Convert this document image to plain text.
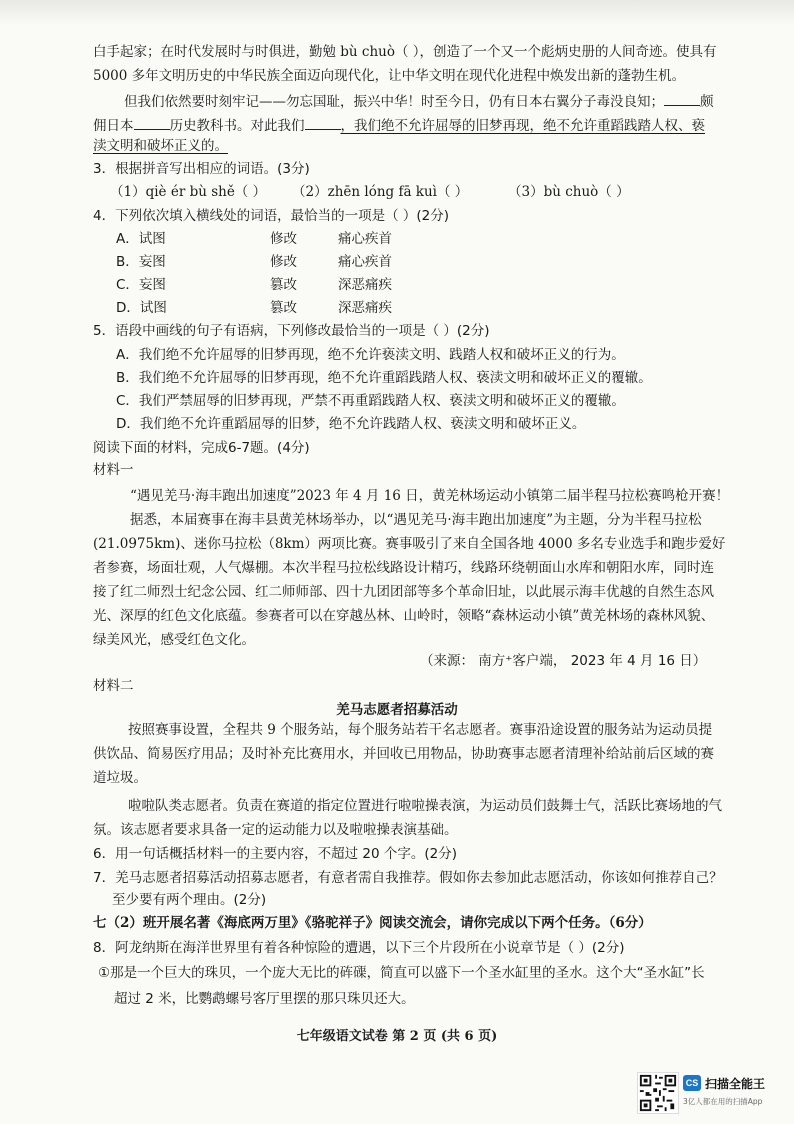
白手起家；在时代发展时与时俱进，勤勉 bù chuò（ ），创造了一个又一个彪炳史册的人间奇迹。使具有
5000 多年文明历史的中华民族全面迈向现代化，让中华文明在现代化进程中焕发出新的蓬勃生机。
但我们依然要时刻牢记——勿忘国耻，振兴中华！时至今日，仍有日本右翼分子毒没良知；	颇
佣日本	历史教科书。对此我们	，我们绝不允许屈辱的旧梦再现，绝不允许重蹈践踏人权、亵
渎文明和破坏正义的。
3．根据拼音写出相应的词语。(3分)
（1）qiè ér bù shě（ ） （2）zhēn lóng fā kuì（ ）	（3）bù chuò（ ）
4．下列依次填入横线处的词语，最恰当的一项是（ ）(2分)
A．试图	修改	痛心疾首
B．妄图	修改	痛心疾首
C．妄图	篡改	深恶痛疾
D．试图	篡改	深恶痛疾
5．语段中画线的句子有语病，下列修改最恰当的一项是（ ）(2分)
A．我们绝不允许屈辱的旧梦再现，绝不允许亵渎文明、践踏人权和破坏正义的行为。
B．我们绝不允许屈辱的旧梦再现，绝不允许重蹈践踏人权、亵渎文明和破坏正义的覆辙。
C．我们严禁屈辱的旧梦再现，严禁不再重蹈践踏人权、亵渎文明和破坏正义的覆辙。
D．我们绝不允许重蹈屈辱的旧梦，绝不允许践踏人权、亵渎文明和破坏正义。
阅读下面的材料，完成6-7题。(4分)
材料一
“遇见羌马·海丰跑出加速度”2023 年 4 月 16 日，黄羌林场运动小镇第二届半程马拉松赛鸣枪开赛！
据悉，本届赛事在海丰县黄羌林场举办，以“遇见羌马·海丰跑出加速度”为主题，分为半程马拉松
(21.0975km)、迷你马拉松（8km）两项比赛。赛事吸引了来自全国各地 4000 多名专业选手和跑步爱好
者参赛，场面壮观，人气爆棚。本次半程马拉松线路设计精巧，线路环绕朝面山水库和朝阳水库，同时连
接了红二师烈士纪念公园、红二师师部、四十九团团部等多个革命旧址，以此展示海丰优越的自然生态风
光、深厚的红色文化底蕴。参赛者可以在穿越丛林、山岭时，领略“森林运动小镇”黄羌林场的森林风貌、
绿美风光，感受红色文化。
（来源： 南方⁺客户端， 2023 年 4 月 16 日）
材料二
羌马志愿者招募活动
按照赛事设置，全程共 9 个服务站，每个服务站若干名志愿者。赛事沿途设置的服务站为运动员提
供饮品、简易医疗用品；及时补充比赛用水，并回收已用物品，协助赛事志愿者清理补给站前后区域的赛
道垃圾。
啦啦队类志愿者。负责在赛道的指定位置进行啦啦操表演，为运动员们鼓舞士气，活跃比赛场地的气
氛。该志愿者要求具备一定的运动能力以及啦啦操表演基础。
6．用一句话概括材料一的主要内容，不超过 20 个字。(2分)
7．羌马志愿者招募活动招募志愿者，有意者需自我推荐。假如你去参加此志愿活动，你该如何推荐自己？
至少要有两个理由。(2分)
七（2）班开展名著《海底两万里》《骆驼祥子》阅读交流会，请你完成以下两个任务。（6分）
8．阿龙纳斯在海洋世界里有着各种惊险的遭遇，以下三个片段所在小说章节是（ ）(2分)
①那是一个巨大的珠贝，一个庞大无比的砗磲，简直可以盛下一个圣水缸里的圣水。这个大“圣水缸”长
超过 2 米，比鹦鹉螺号客厅里摆的那只珠贝还大。
七年级语文试卷 第 2 页 (共 6 页)
CS 扫描全能王
3亿人都在用的扫描App
